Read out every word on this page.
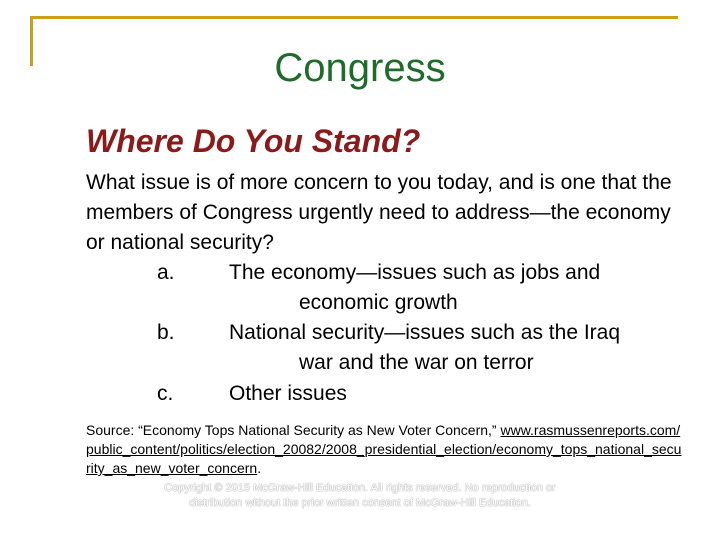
Congress
Where Do You Stand?
What issue is of more concern to you today, and is one that the members of Congress urgently need to address—the economy or national security?
a.	The economy—issues such as jobs and
economic growth
b.	National security—issues such as the Iraq
war and the war on terror
c.	Other issues
Source: “Economy Tops National Security as New Voter Concern,” www.rasmussenreports.com/public_content/politics/election_20082/2008_presidential_election/economy_tops_national_security_as_new_voter_concern.
Copyright © 2015 McGraw-Hill Education. All rights reserved. No reproduction or distribution without the prior written consent of McGraw-Hill Education.
